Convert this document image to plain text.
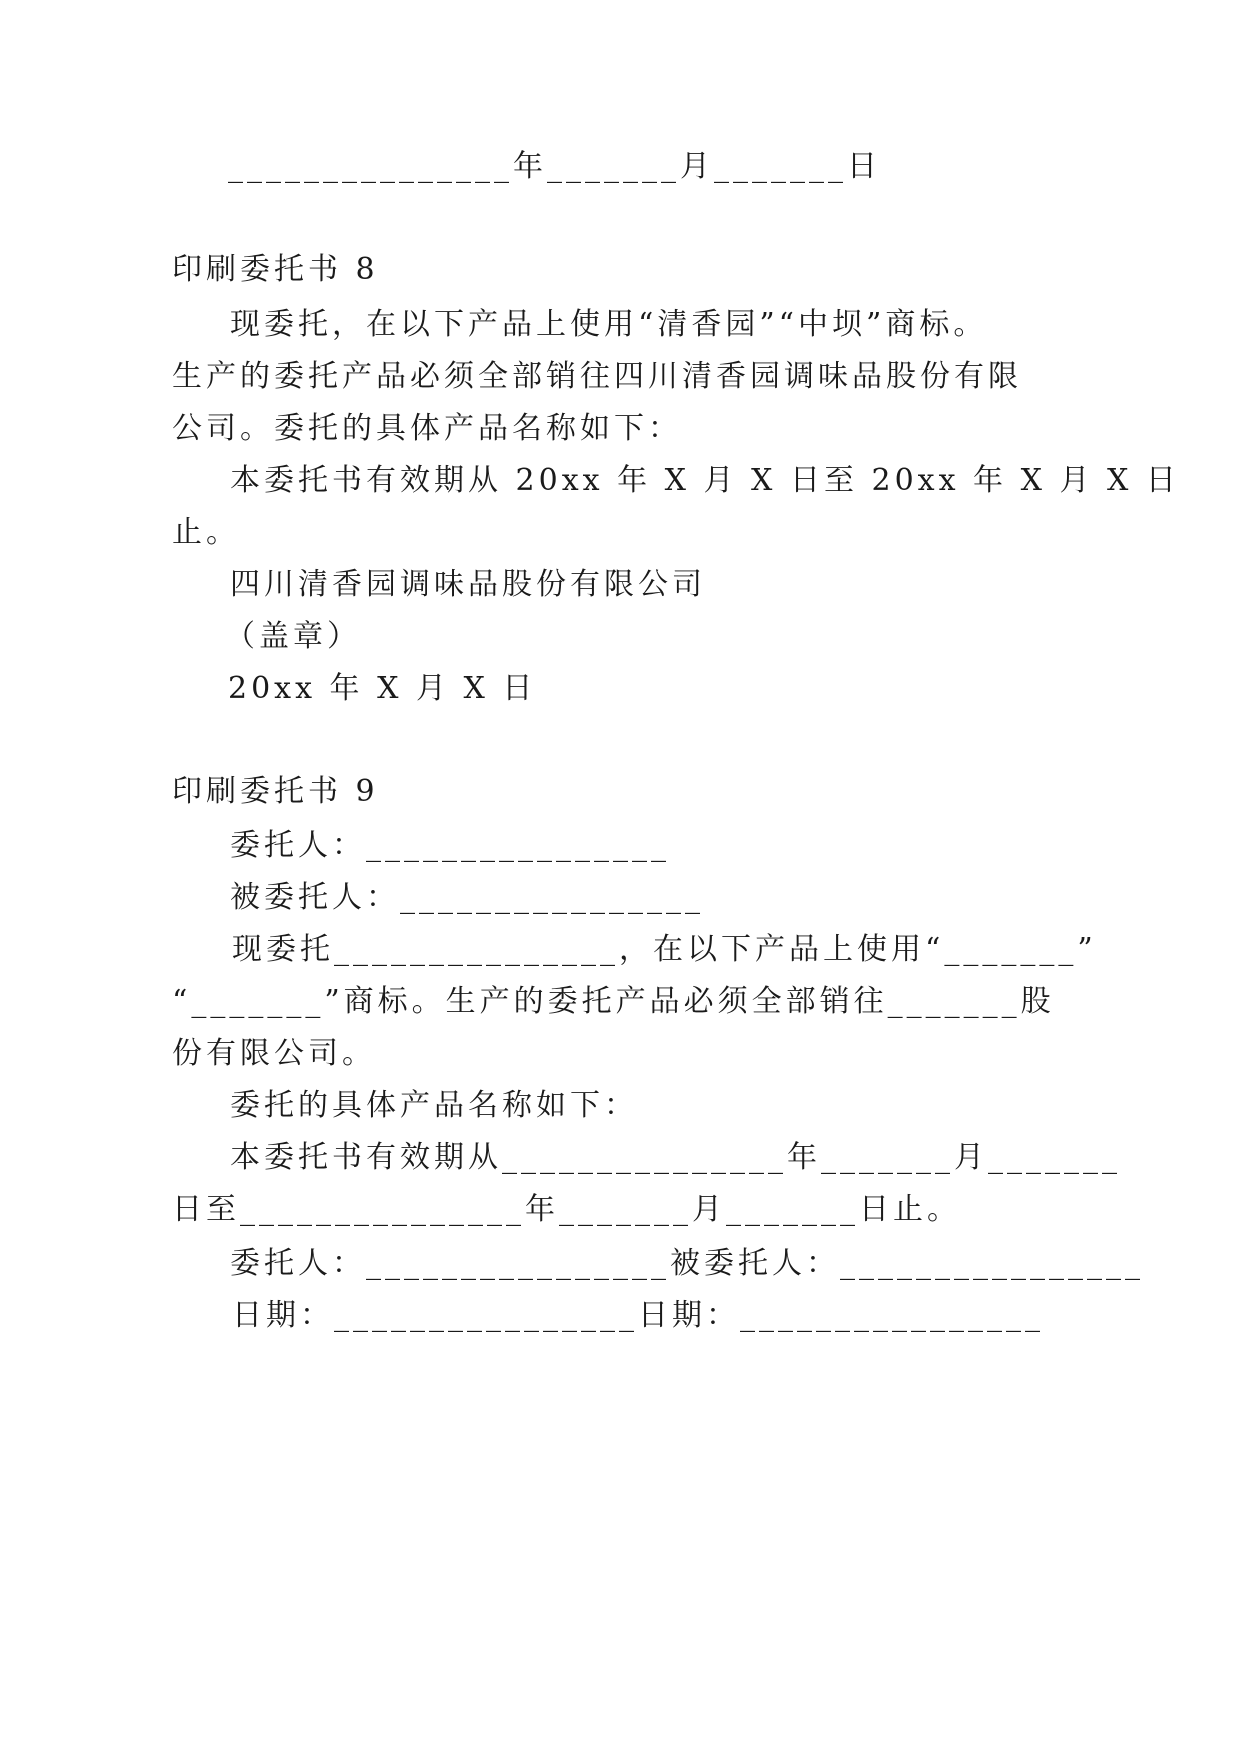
_______________年_______月_______日
印刷委托书 8
现委托，在以下产品上使用“清香园”“中坝”商标。
生产的委托产品必须全部销往四川清香园调味品股份有限
公司。委托的具体产品名称如下：
本委托书有效期从 20xx 年 X 月 X 日至 20xx 年 X 月 X 日
止。
四川清香园调味品股份有限公司
（盖章）
20xx 年 X 月 X 日
印刷委托书 9
委托人：________________
被委托人：________________
现委托_______________，在以下产品上使用“_______”
“_______”商标。生产的委托产品必须全部销往_______股
份有限公司。
委托的具体产品名称如下：
本委托书有效期从_______________年_______月_______
日至_______________年_______月_______日止。
委托人：________________被委托人：________________
日期：________________日期：________________
